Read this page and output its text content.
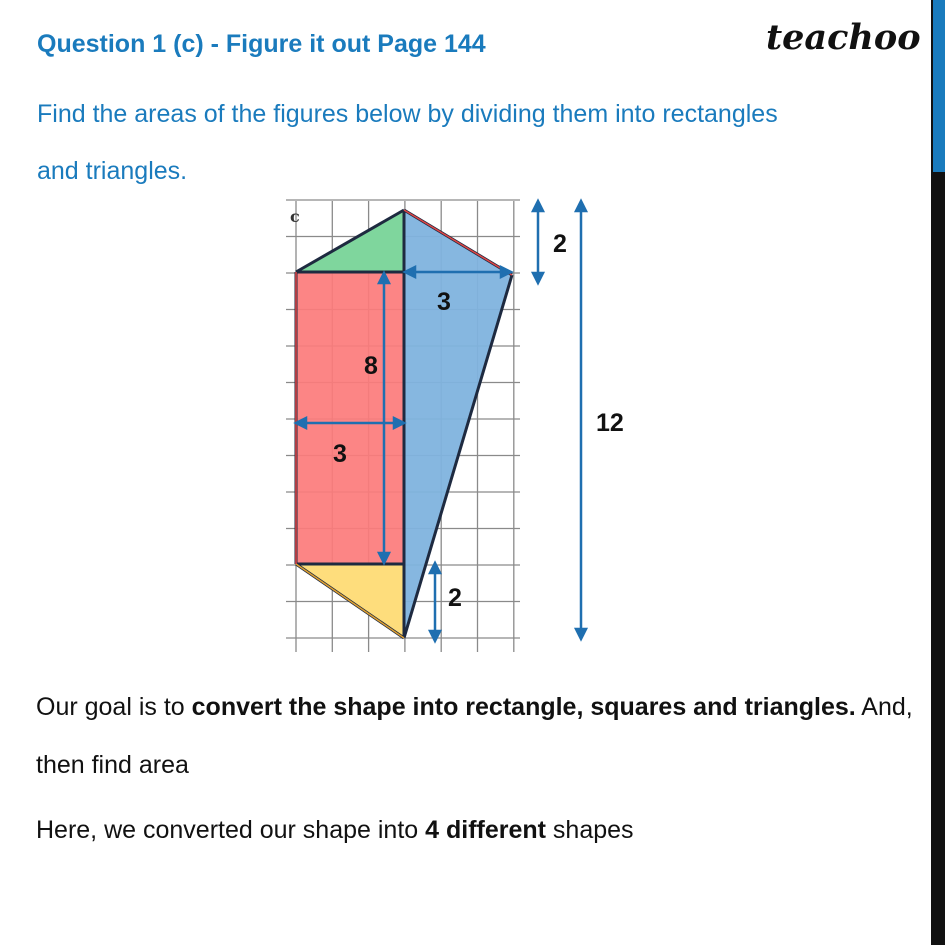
Question 1 (c) - Figure it out Page 144	teachoo
Find the areas of the figures below by dividing them into rectangles
and triangles.
c
2
3
8
3
2
12
Our goal is to convert the shape into rectangle, squares and triangles. And, then find area
Here, we converted our shape into 4 different shapes
